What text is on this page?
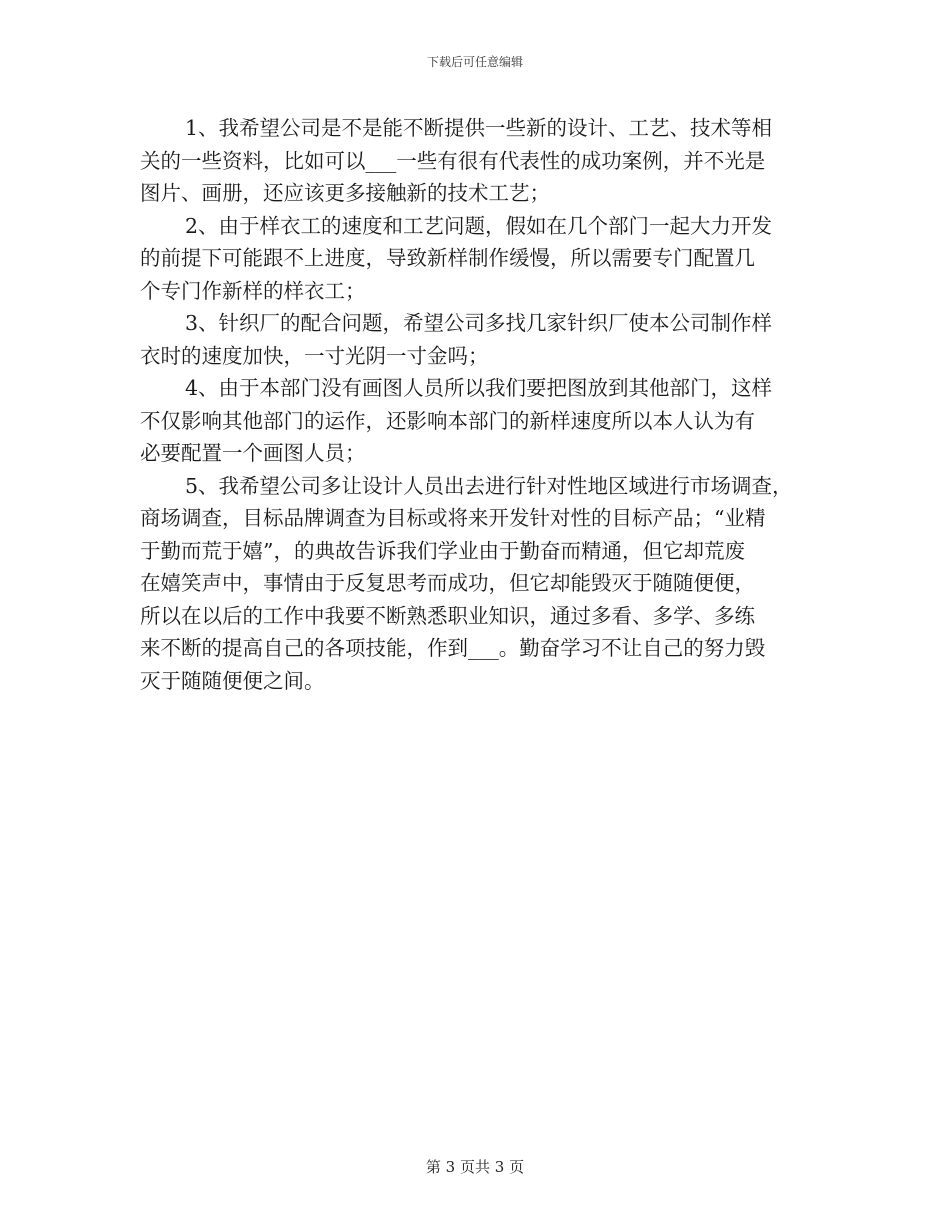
下载后可任意编辑
1、我希望公司是不是能不断提供一些新的设计、工艺、技术等相
关的一些资料，比如可以___一些有很有代表性的成功案例，并不光是
图片、画册，还应该更多接触新的技术工艺；
2、由于样衣工的速度和工艺问题，假如在几个部门一起大力开发
的前提下可能跟不上进度，导致新样制作缓慢，所以需要专门配置几
个专门作新样的样衣工；
3、针织厂的配合问题，希望公司多找几家针织厂使本公司制作样
衣时的速度加快，一寸光阴一寸金吗；
4、由于本部门没有画图人员所以我们要把图放到其他部门，这样
不仅影响其他部门的运作，还影响本部门的新样速度所以本人认为有
必要配置一个画图人员；
5、我希望公司多让设计人员出去进行针对性地区域进行市场调查，
商场调查，目标品牌调查为目标或将来开发针对性的目标产品；“业精
于勤而荒于嬉”，的典故告诉我们学业由于勤奋而精通，但它却荒废
在嬉笑声中，事情由于反复思考而成功，但它却能毁灭于随随便便，
所以在以后的工作中我要不断熟悉职业知识，通过多看、多学、多练
来不断的提高自己的各项技能，作到___。勤奋学习不让自己的努力毁
灭于随随便便之间。
第 3 页共 3 页
